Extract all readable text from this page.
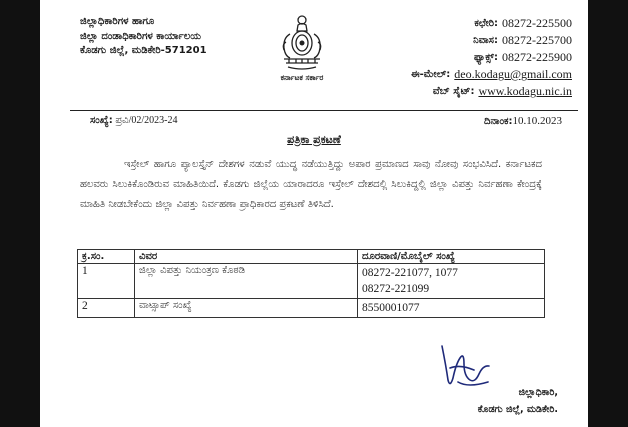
ಜಿಲ್ಲಾಧಿಕಾರಿಗಳ ಹಾಗೂ
ಜಿಲ್ಲಾ ದಂಡಾಧಿಕಾರಿಗಳ ಕಾರ್ಯಾಲಯ
ಕೊಡಗು ಜಿಲ್ಲೆ, ಮಡಿಕೇರಿ-571201
ಕರ್ನಾಟಕ ಸರ್ಕಾರ
ಕಛೇರಿ: 08272-225500
ನಿವಾಸ: 08272-225700
ಫ್ಯಾಕ್ಸ್: 08272-225900
ಈ-ಮೇಲ್: deo.kodagu@gmail.com
ವೆಬ್ ಸೈಟ್: www.kodagu.nic.in
ಸಂಖ್ಯೆ: ಪ್ರವಿ/02/2023-24	ದಿನಾಂಕ:10.10.2023
ಪತ್ರಿಕಾ ಪ್ರಕಟಣೆ
ಇಸ್ರೇಲ್ ಹಾಗೂ ಪ್ಯಾಲಸ್ತೈನ್ ದೇಶಗಳ ನಡುವೆ ಯುದ್ಧ ನಡೆಯುತ್ತಿದ್ದು ಅಪಾರ ಪ್ರಮಾಣದ ಸಾವು ನೋವು ಸಂಭವಿಸಿದೆ. ಕರ್ನಾಟಕದ ಹಲವರು ಸಿಲುಕಿಕೊಂಡಿರುವ ಮಾಹಿತಿಯಿದೆ. ಕೊಡಗು ಜಿಲ್ಲೆಯ ಯಾರಾದರೂ ಇಸ್ರೇಲ್ ದೇಶದಲ್ಲಿ ಸಿಲುಕಿದ್ದಲ್ಲಿ ಜಿಲ್ಲಾ ವಿಪತ್ತು ನಿರ್ವಹಣಾ ಕೇಂದ್ರಕ್ಕೆ ಮಾಹಿತಿ ನೀಡಬೇಕೆಂದು ಜಿಲ್ಲಾ ವಿಪತ್ತು ನಿರ್ವಹಣಾ ಪ್ರಾಧಿಕಾರದ ಪ್ರಕಟಣೆ ತಿಳಿಸಿದೆ.
ಕ್ರ.ಸಂ.	ವಿವರ	ದೂರವಾಣಿ/ಮೊಬೈಲ್ ಸಂಖ್ಯೆ
1	ಜಿಲ್ಲಾ ವಿಪತ್ತು ನಿಯಂತ್ರಣ ಕೊಠಡಿ	08272-221077, 1077
08272-221099

2	ವಾಟ್ಸಾಪ್ ಸಂಖ್ಯೆ	8550001077
ಜಿಲ್ಲಾಧಿಕಾರಿ,
ಕೊಡಗು ಜಿಲ್ಲೆ, ಮಡಿಕೇರಿ.
